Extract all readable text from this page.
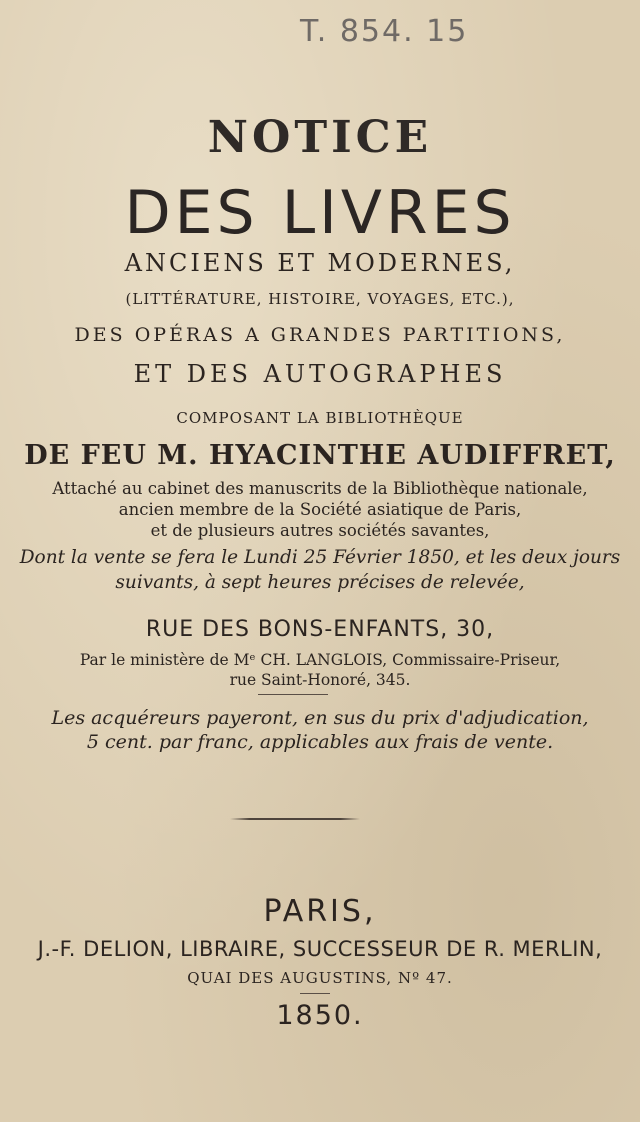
T. 854. 15
NOTICE
DES LIVRES
ANCIENS ET MODERNES,
(LITTÉRATURE, HISTOIRE, VOYAGES, ETC.),
DES OPÉRAS A GRANDES PARTITIONS,
ET DES AUTOGRAPHES
COMPOSANT LA BIBLIOTHÈQUE
DE FEU M. HYACINTHE AUDIFFRET,
Attaché au cabinet des manuscrits de la Bibliothèque nationale,
ancien membre de la Société asiatique de Paris,
et de plusieurs autres sociétés savantes,
Dont la vente se fera le Lundi 25 Février 1850, et les deux jours
suivants, à sept heures précises de relevée,
RUE DES BONS-ENFANTS, 30,
Par le ministère de Mᵉ CH. LANGLOIS, Commissaire-Priseur,
rue Saint-Honoré, 345.
Les acquéreurs payeront, en sus du prix d'adjudication,
5 cent. par franc, applicables aux frais de vente.
PARIS,
J.-F. DELION, LIBRAIRE, SUCCESSEUR DE R. MERLIN,
QUAI DES AUGUSTINS, Nº 47.
1850.
